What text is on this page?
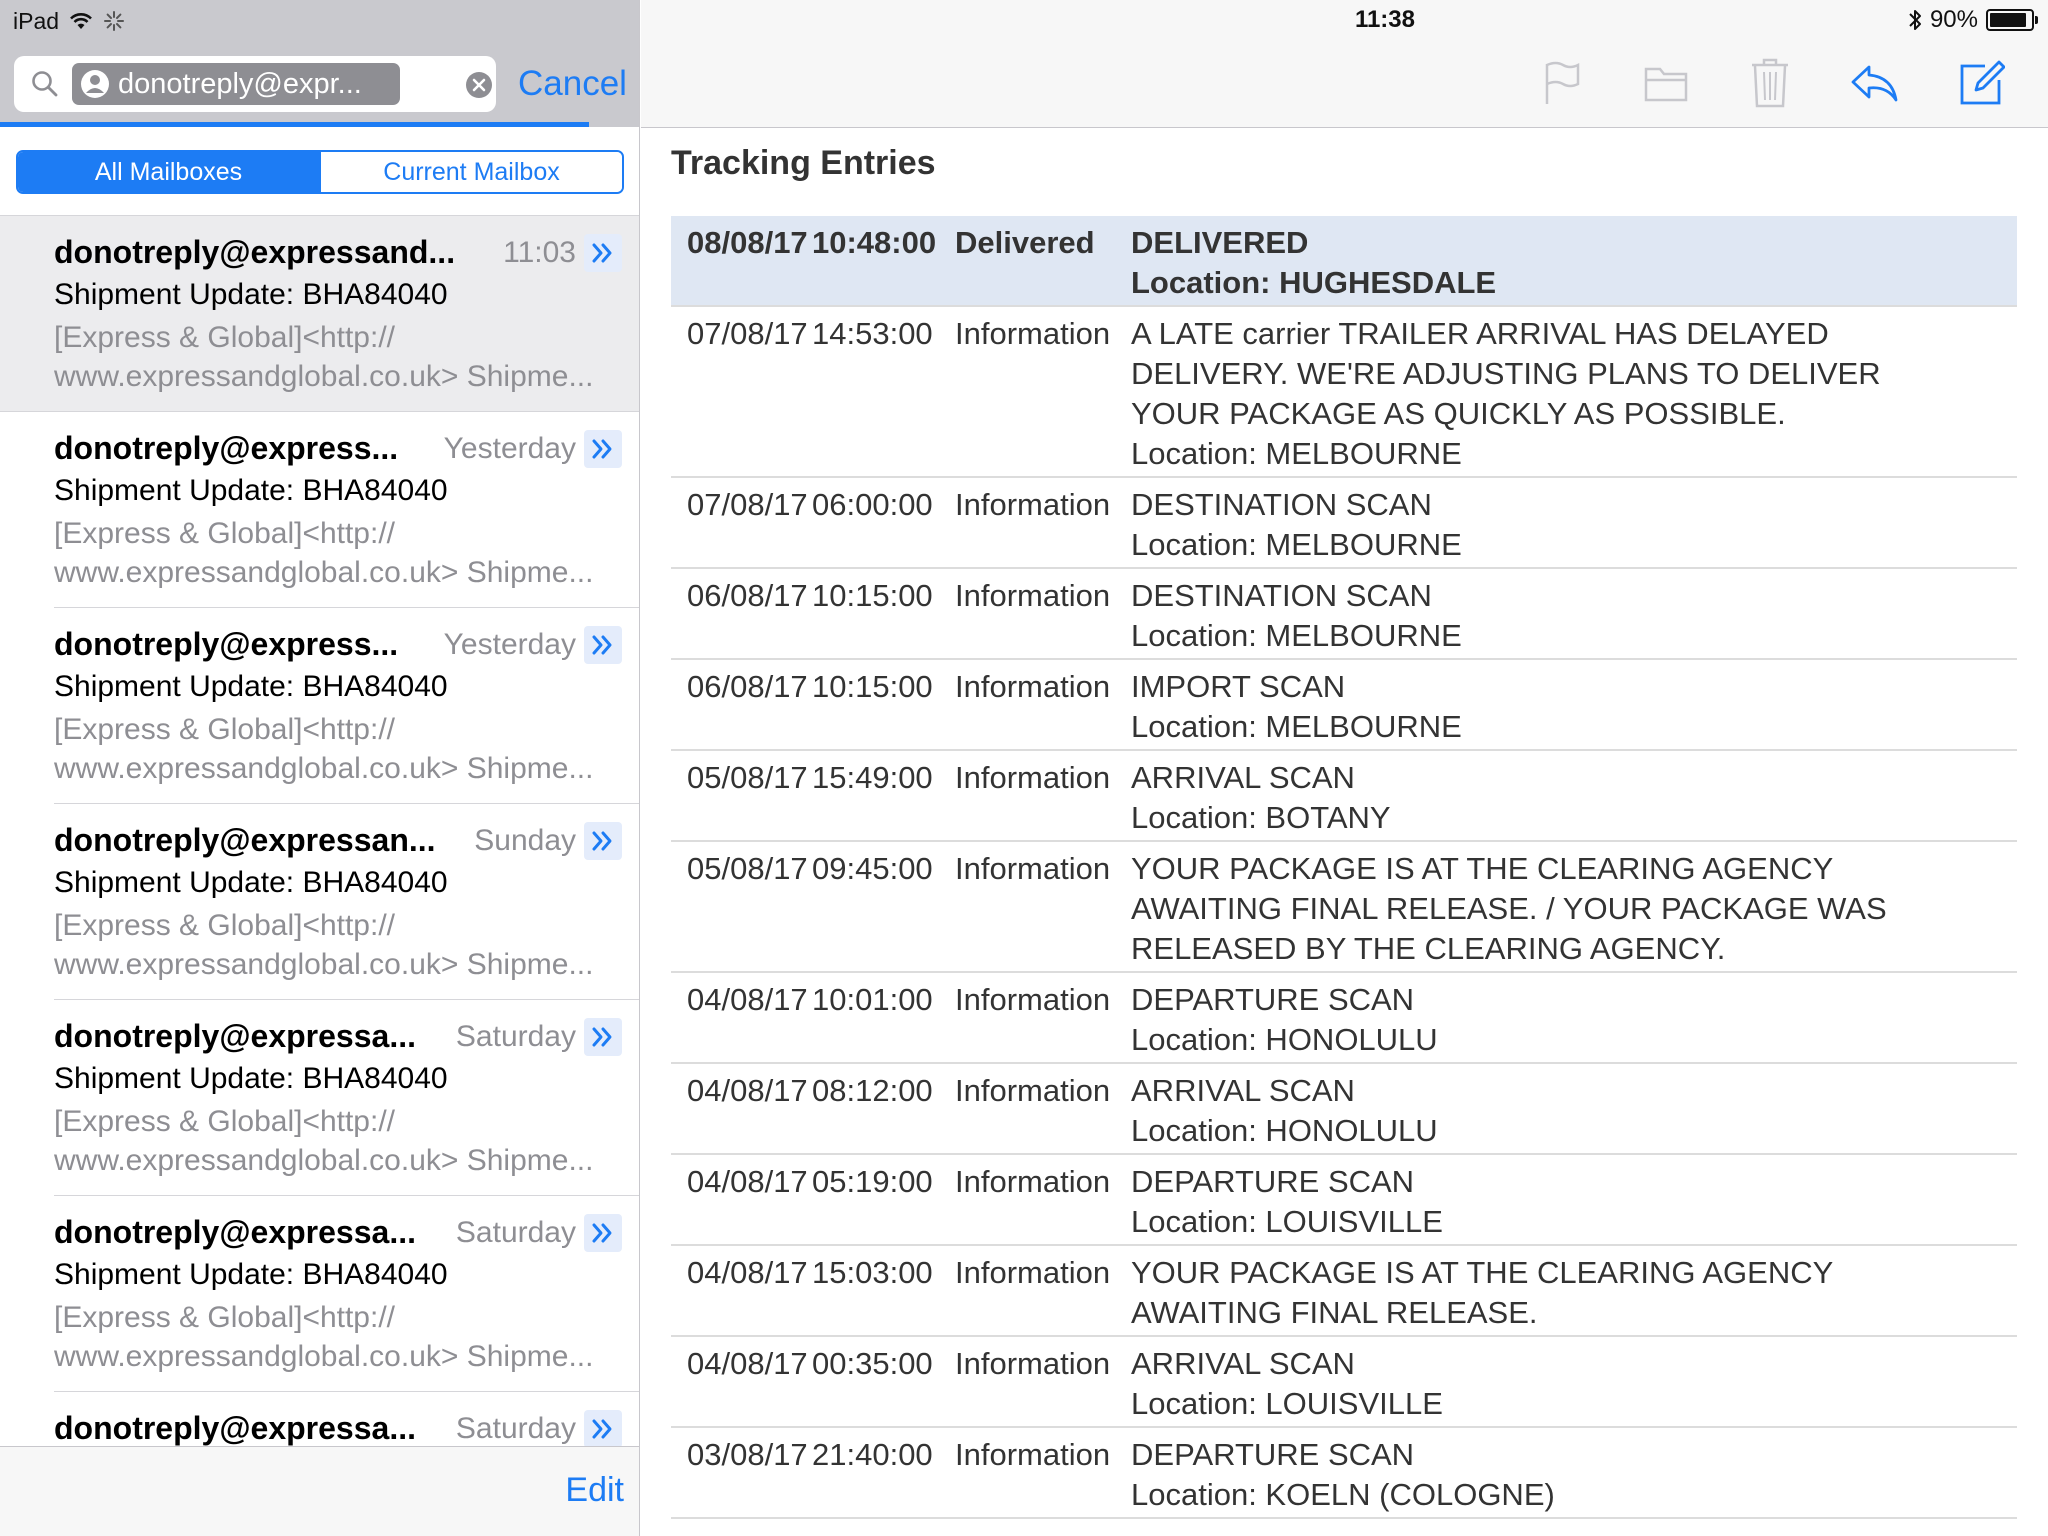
iPad
donotreply@expr...	Cancel
All Mailboxes	Current Mailbox
donotreply@expressand...	11:03
Shipment Update: BHA84040
[Express & Global]<http://
www.expressandglobal.co.uk> Shipme...
donotreply@express...	Yesterday
Shipment Update: BHA84040
[Express & Global]<http://
www.expressandglobal.co.uk> Shipme...
donotreply@express...	Yesterday
Shipment Update: BHA84040
[Express & Global]<http://
www.expressandglobal.co.uk> Shipme...
donotreply@expressan...	Sunday
Shipment Update: BHA84040
[Express & Global]<http://
www.expressandglobal.co.uk> Shipme...
donotreply@expressa...	Saturday
Shipment Update: BHA84040
[Express & Global]<http://
www.expressandglobal.co.uk> Shipme...
donotreply@expressa...	Saturday
Shipment Update: BHA84040
[Express & Global]<http://
www.expressandglobal.co.uk> Shipme...
donotreply@expressa...	Saturday
Edit
11:38	90%
Tracking Entries
08/08/17	10:48:00	Delivered	DELIVERED
Location: HUGHESDALE

07/08/17	14:53:00	Information	A LATE carrier TRAILER ARRIVAL HAS DELAYED
DELIVERY. WE'RE ADJUSTING PLANS TO DELIVER
YOUR PACKAGE AS QUICKLY AS POSSIBLE.
Location: MELBOURNE

07/08/17	06:00:00	Information	DESTINATION SCAN
Location: MELBOURNE

06/08/17	10:15:00	Information	DESTINATION SCAN
Location: MELBOURNE

06/08/17	10:15:00	Information	IMPORT SCAN
Location: MELBOURNE

05/08/17	15:49:00	Information	ARRIVAL SCAN
Location: BOTANY

05/08/17	09:45:00	Information	YOUR PACKAGE IS AT THE CLEARING AGENCY
AWAITING FINAL RELEASE. / YOUR PACKAGE WAS
RELEASED BY THE CLEARING AGENCY.

04/08/17	10:01:00	Information	DEPARTURE SCAN
Location: HONOLULU

04/08/17	08:12:00	Information	ARRIVAL SCAN
Location: HONOLULU

04/08/17	05:19:00	Information	DEPARTURE SCAN
Location: LOUISVILLE

04/08/17	15:03:00	Information	YOUR PACKAGE IS AT THE CLEARING AGENCY
AWAITING FINAL RELEASE.

04/08/17	00:35:00	Information	ARRIVAL SCAN
Location: LOUISVILLE

03/08/17	21:40:00	Information	DEPARTURE SCAN
Location: KOELN (COLOGNE)
